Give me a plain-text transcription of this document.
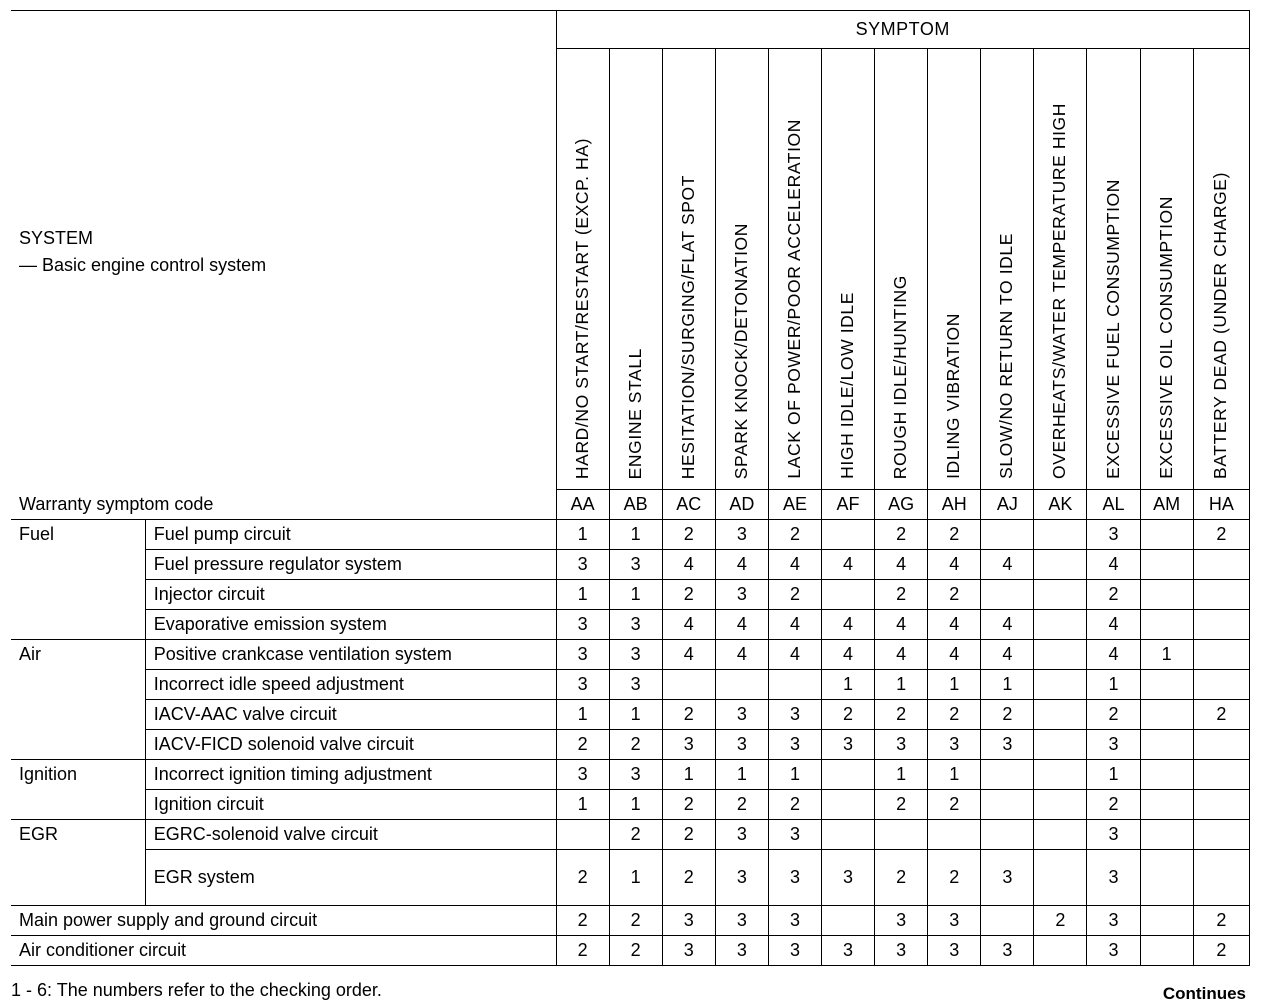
SYSTEM
— Basic engine control system		SYMPTOM												

		HARD/NO START/RESTART (EXCP. HA)	ENGINE STALL	HESITATION/SURGING/FLAT SPOT	SPARK KNOCK/DETONATION	LACK OF POWER/POOR ACCELERATION	HIGH IDLE/LOW IDLE	ROUGH IDLE/HUNTING	IDLING VIBRATION	SLOW/NO RETURN TO IDLE	OVERHEATS/WATER TEMPERATURE HIGH	EXCESSIVE FUEL CONSUMPTION	EXCESSIVE OIL CONSUMPTION	BATTERY DEAD (UNDER CHARGE)

Warranty symptom code		AA	AB	AC	AD	AE	AF	AG	AH	AJ	AK	AL	AM	HA
Fuel	Fuel pump circuit	1	1	2	3	2		2	2			3		2
	Fuel pressure regulator system	3	3	4	4	4	4	4	4	4		4		
	Injector circuit	1	1	2	3	2		2	2			2		
	Evaporative emission system	3	3	4	4	4	4	4	4	4		4		
Air	Positive crankcase ventilation system	3	3	4	4	4	4	4	4	4		4	1	
	Incorrect idle speed adjustment	3	3				1	1	1	1		1		
	IACV-AAC valve circuit	1	1	2	3	3	2	2	2	2		2		2
	IACV-FICD solenoid valve circuit	2	2	3	3	3	3	3	3	3		3		
Ignition	Incorrect ignition timing adjustment	3	3	1	1	1		1	1			1		
	Ignition circuit	1	1	2	2	2		2	2			2		
EGR	EGRC-solenoid valve circuit		2	2	3	3						3		
	EGR system	2	1	2	3	3	3	2	2	3		3		
Main power supply and ground circuit		2	2	3	3	3		3	3		2	3		2
Air conditioner circuit		2	2	3	3	3	3	3	3	3		3		2
1 - 6: The numbers refer to the checking order.	Continues
